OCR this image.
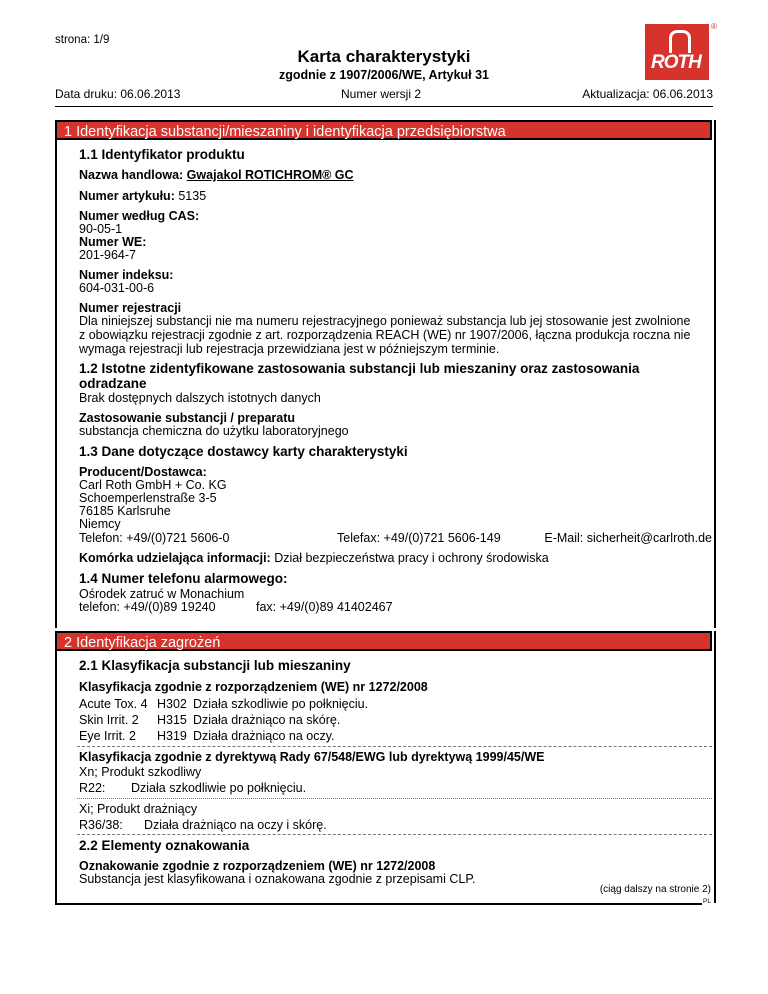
strona: 1/9
Karta charakterystyki
zgodnie z 1907/2006/WE, Artykuł 31
ROTH
®
Data druku: 06.06.2013	Numer wersji 2	Aktualizacja: 06.06.2013
1 Identyfikacja substancji/mieszaniny i identyfikacja przedsiębiorstwa
1.1 Identyfikator produktu
Nazwa handlowa: Gwajakol ROTICHROM® GC
Numer artykułu: 5135
Numer według CAS:
90-05-1
Numer WE:
201-964-7
Numer indeksu:
604-031-00-6
Numer rejestracji
Dla niniejszej substancji nie ma numeru rejestracyjnego ponieważ substancja lub jej stosowanie jest zwolnione
z obowiązku rejestracji zgodnie z art. rozporządzenia REACH (WE) nr 1907/2006, łączna produkcja roczna nie
wymaga rejestracji lub rejestracja przewidziana jest w późniejszym terminie.
1.2 Istotne zidentyfikowane zastosowania substancji lub mieszaniny oraz zastosowania
odradzane
Brak dostępnych dalszych istotnych danych
Zastosowanie substancji / preparatu
substancja chemiczna do użytku laboratoryjnego
1.3 Dane dotyczące dostawcy karty charakterystyki
Producent/Dostawca:
Carl Roth GmbH + Co. KG
Schoemperlenstraße 3-5
76185 Karlsruhe
Niemcy
Telefon: +49/(0)721 5606-0	Telefax: +49/(0)721 5606-149	E-Mail: sicherheit@carlroth.de
Komórka udzielająca informacji: Dział bezpieczeństwa pracy i ochrony środowiska
1.4 Numer telefonu alarmowego:
Ośrodek zatruć w Monachium
telefon: +49/(0)89 19240	fax: +49/(0)89 41402467
2 Identyfikacja zagrożeń
2.1 Klasyfikacja substancji lub mieszaniny
Klasyfikacja zgodnie z rozporządzeniem (WE) nr 1272/2008
Acute Tox. 4 H302 Działa szkodliwie po połknięciu.
Skin Irrit. 2 H315 Działa drażniąco na skórę.
Eye Irrit. 2 H319 Działa drażniąco na oczy.
Klasyfikacja zgodnie z dyrektywą Rady 67/548/EWG lub dyrektywą 1999/45/WE
Xn; Produkt szkodliwy
R22: Działa szkodliwie po połknięciu.
Xi; Produkt drażniący
R36/38: Działa drażniąco na oczy i skórę.
2.2 Elementy oznakowania
Oznakowanie zgodnie z rozporządzeniem (WE) nr 1272/2008
Substancja jest klasyfikowana i oznakowana zgodnie z przepisami CLP.
(ciąg dalszy na stronie 2)
PL
